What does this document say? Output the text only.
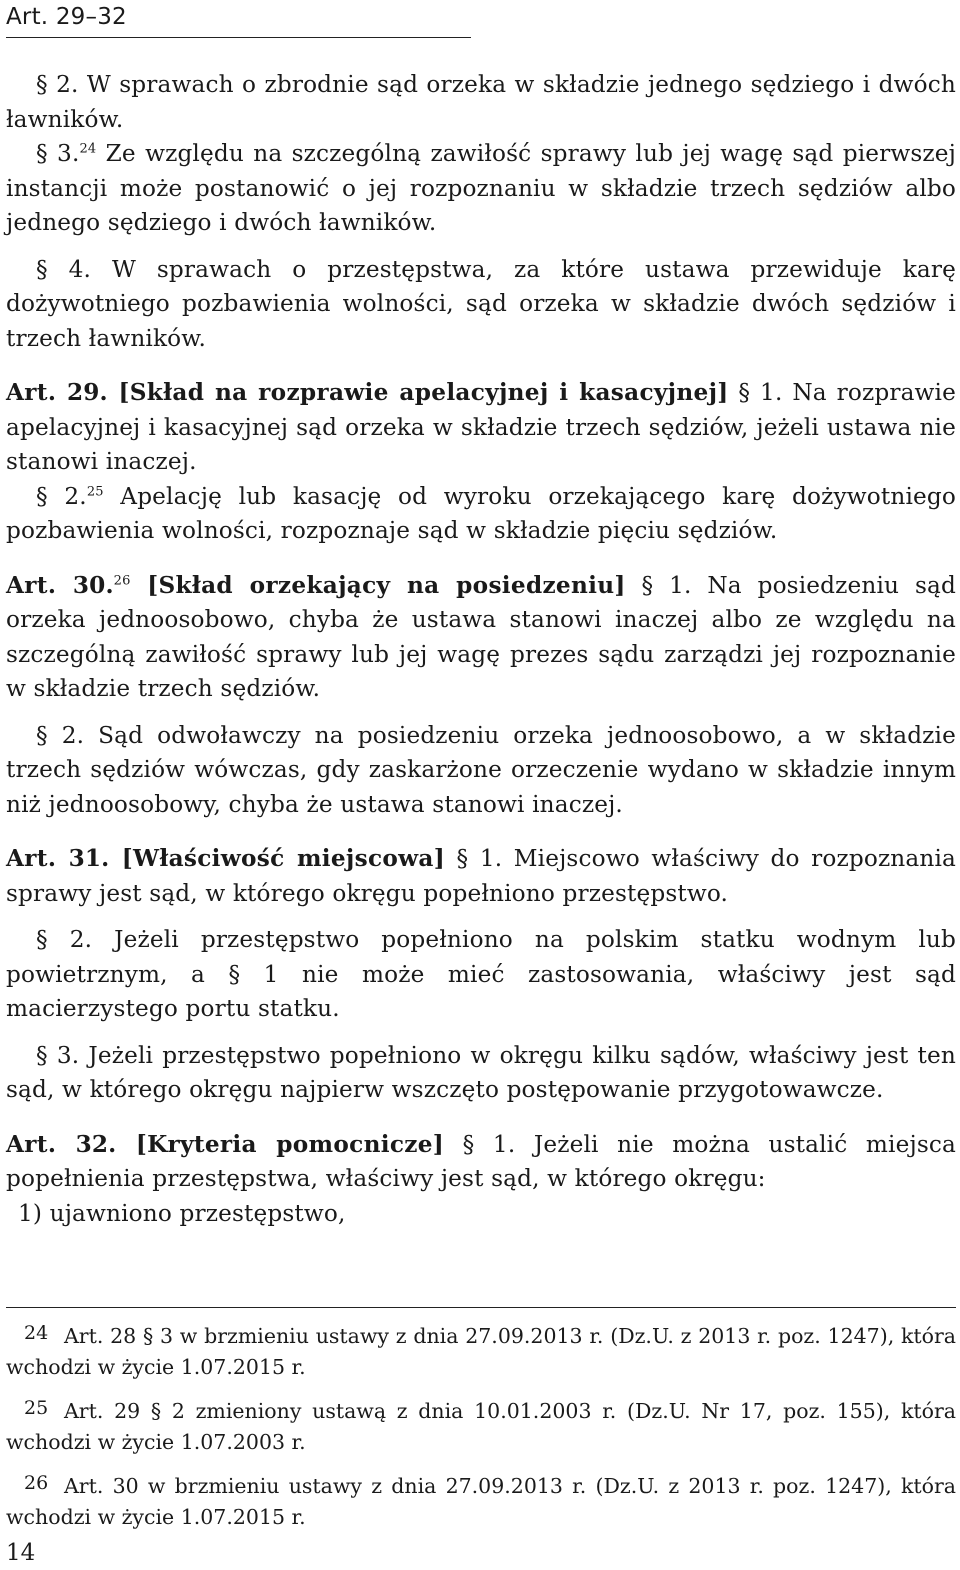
Art. 29–32

§ 2. W sprawach o zbrodnie sąd orzeka w składzie jednego sędziego i dwóch ławników.

§ 3.24 Ze względu na szczególną zawiłość sprawy lub jej wagę sąd pierwszej instancji może postanowić o jej rozpoznaniu w składzie trzech sędziów albo jednego sędziego i dwóch ławników.

§ 4. W sprawach o przestępstwa, za które ustawa przewiduje karę dożywotniego pozbawienia wolności, sąd orzeka w składzie dwóch sędziów i trzech ławników.

Art. 29. [Skład na rozprawie apelacyjnej i kasacyjnej] § 1. Na rozprawie apelacyjnej i kasacyjnej sąd orzeka w składzie trzech sędziów, jeżeli ustawa nie stanowi inaczej.

§ 2.25 Apelację lub kasację od wyroku orzekającego karę dożywotniego pozbawienia wolności, rozpoznaje sąd w składzie pięciu sędziów.

Art. 30.26 [Skład orzekający na posiedzeniu] § 1. Na posiedzeniu sąd orzeka jednoosobowo, chyba że ustawa stanowi inaczej albo ze względu na szczególną zawiłość sprawy lub jej wagę prezes sądu zarządzi jej rozpoznanie w składzie trzech sędziów.

§ 2. Sąd odwoławczy na posiedzeniu orzeka jednoosobowo, a w składzie trzech sędziów wówczas, gdy zaskarżone orzeczenie wydano w składzie innym niż jednoosobowy, chyba że ustawa stanowi inaczej.

Art. 31. [Właściwość miejscowa] § 1. Miejscowo właściwy do rozpoznania sprawy jest sąd, w którego okręgu popełniono przestępstwo.

§ 2. Jeżeli przestępstwo popełniono na polskim statku wodnym lub powietrznym, a § 1 nie może mieć zastosowania, właściwy jest sąd macierzystego portu statku.

§ 3. Jeżeli przestępstwo popełniono w okręgu kilku sądów, właściwy jest ten sąd, w którego okręgu najpierw wszczęto postępowanie przygotowawcze.

Art. 32. [Kryteria pomocnicze] § 1. Jeżeli nie można ustalić miejsca popełnienia przestępstwa, właściwy jest sąd, w którego okręgu:

1) ujawniono przestępstwo,

24 Art. 28 § 3 w brzmieniu ustawy z dnia 27.09.2013 r. (Dz.U. z 2013 r. poz. 1247), która wchodzi w życie 1.07.2015 r.

25 Art. 29 § 2 zmieniony ustawą z dnia 10.01.2003 r. (Dz.U. Nr 17, poz. 155), która wchodzi w życie 1.07.2003 r.

26 Art. 30 w brzmieniu ustawy z dnia 27.09.2013 r. (Dz.U. z 2013 r. poz. 1247), która wchodzi w życie 1.07.2015 r.

14
